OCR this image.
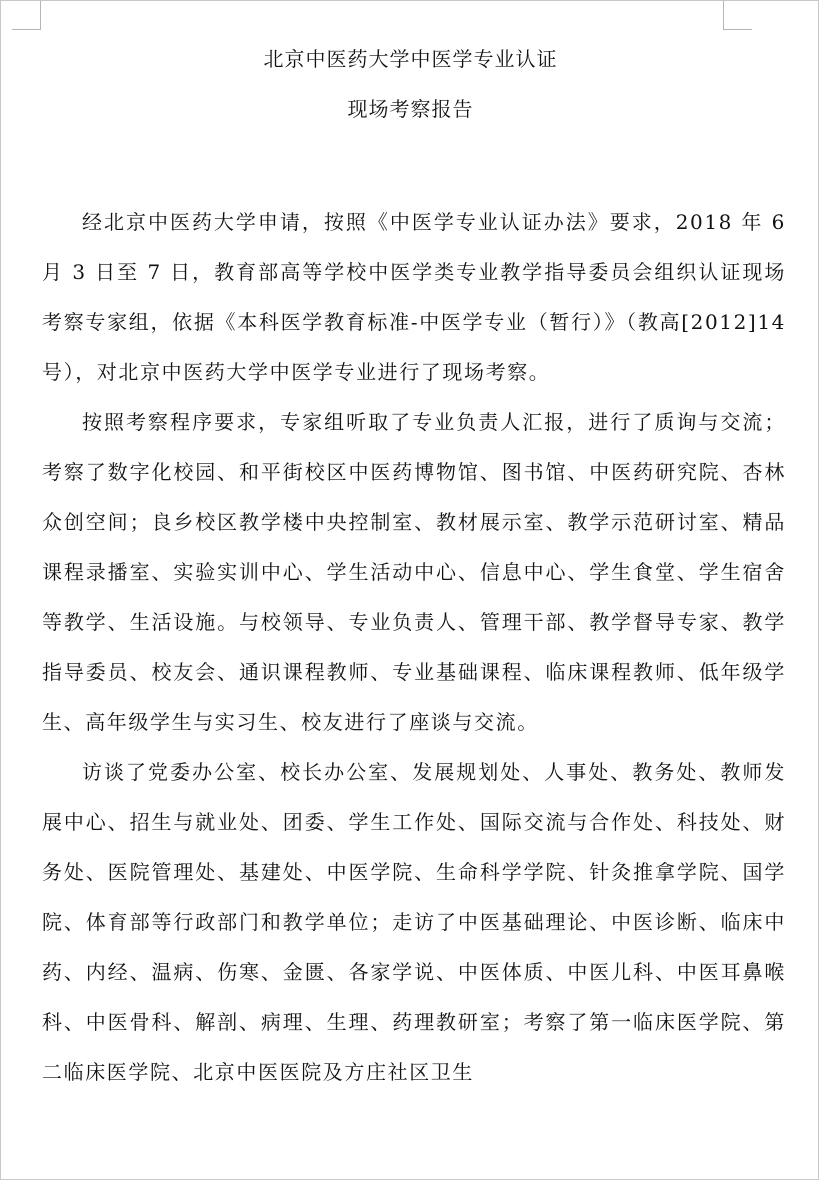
北京中医药大学中医学专业认证
现场考察报告

经北京中医药大学申请，按照《中医学专业认证办法》要求，2018 年 6 月 3 日至 7 日，教育部高等学校中医学类专业教学指导委员会组织认证现场考察专家组，依据《本科医学教育标准-中医学专业（暂行）》（教高[2012]14 号），对北京中医药大学中医学专业进行了现场考察。

按照考察程序要求，专家组听取了专业负责人汇报，进行了质询与交流；考察了数字化校园、和平街校区中医药博物馆、图书馆、中医药研究院、杏林众创空间；良乡校区教学楼中央控制室、教材展示室、教学示范研讨室、精品课程录播室、实验实训中心、学生活动中心、信息中心、学生食堂、学生宿舍等教学、生活设施。与校领导、专业负责人、管理干部、教学督导专家、教学指导委员、校友会、通识课程教师、专业基础课程、临床课程教师、低年级学生、高年级学生与实习生、校友进行了座谈与交流。

访谈了党委办公室、校长办公室、发展规划处、人事处、教务处、教师发展中心、招生与就业处、团委、学生工作处、国际交流与合作处、科技处、财务处、医院管理处、基建处、中医学院、生命科学学院、针灸推拿学院、国学院、体育部等行政部门和教学单位；走访了中医基础理论、中医诊断、临床中药、内经、温病、伤寒、金匮、各家学说、中医体质、中医儿科、中医耳鼻喉科、中医骨科、解剖、病理、生理、药理教研室；考察了第一临床医学院、第二临床医学院、北京中医医院及方庄社区卫生
